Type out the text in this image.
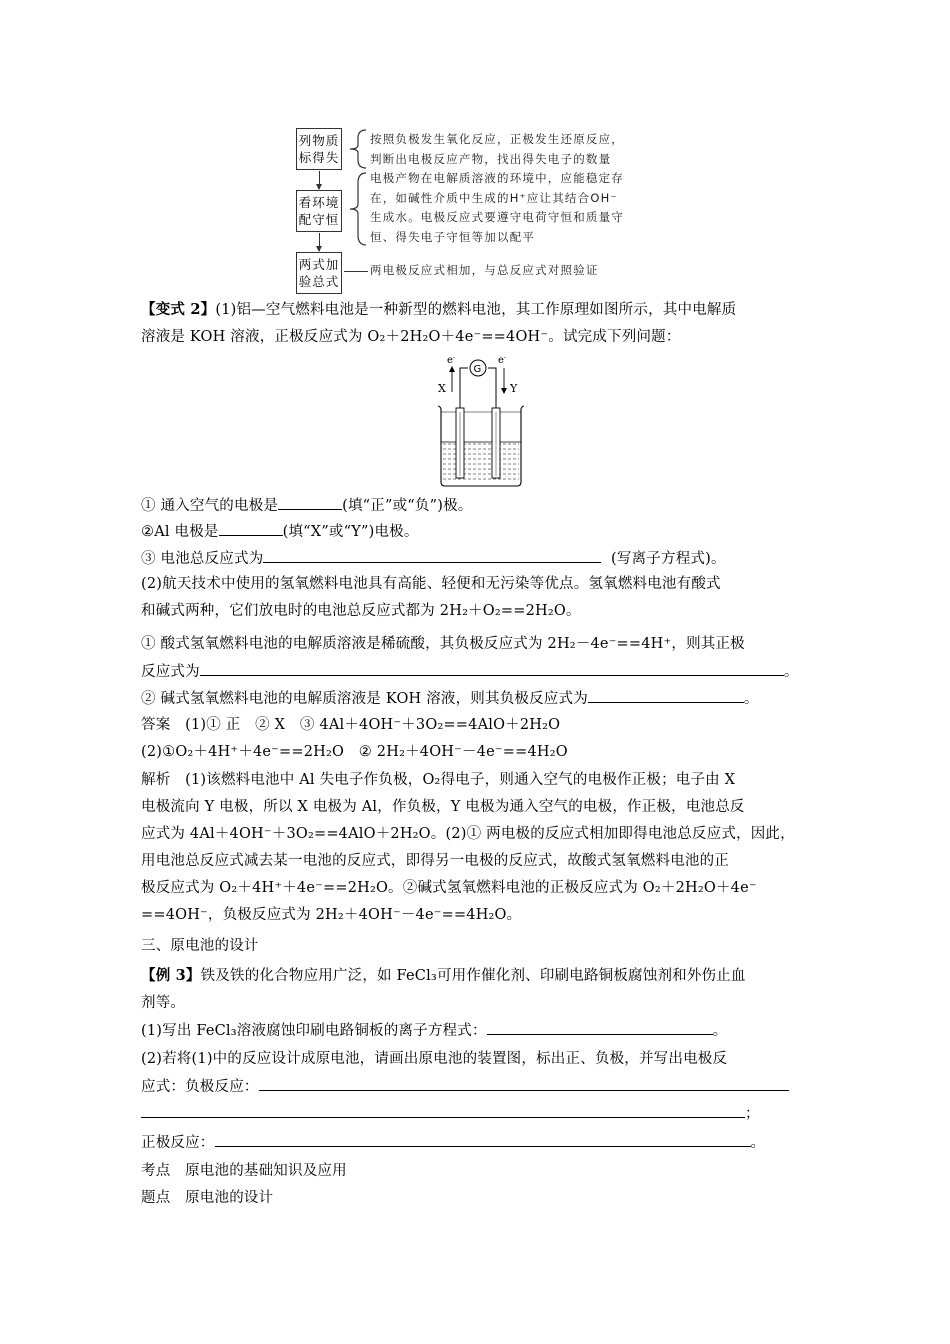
列物质
标得失
看环境
配守恒
两式加
验总式
按照负极发生氧化反应，正极发生还原反应，
判断出电极反应产物，找出得失电子的数量
电极产物在电解质溶液的环境中，应能稳定存
在，如碱性介质中生成的H⁺应让其结合OH⁻
生成水。电极反应式要遵守电荷守恒和质量守
恒、得失电子守恒等加以配平
两电极反应式相加，与总反应式对照验证
【变式 2】(1)铝—空气燃料电池是一种新型的燃料电池，其工作原理如图所示，其中电解质
溶液是 KOH 溶液，正极反应式为 O₂＋2H₂O＋4e⁻==4OH⁻。试完成下列问题：
e -	e -
G
X	Y
① 通入空气的电极是	(填“正”或“负”)极。
②Al 电极是	(填“X”或“Y”)电极。
③ 电池总反应式为	(写离子方程式)。
(2)航天技术中使用的氢氧燃料电池具有高能、轻便和无污染等优点。氢氧燃料电池有酸式
和碱式两种，它们放电时的电池总反应式都为 2H₂＋O₂==2H₂O。
① 酸式氢氧燃料电池的电解质溶液是稀硫酸，其负极反应式为 2H₂－4e⁻==4H⁺，则其正极
反应式为	。
② 碱式氢氧燃料电池的电解质溶液是 KOH 溶液，则其负极反应式为	。
答案　(1)① 正　② X　③ 4Al＋4OH⁻＋3O₂==4AlO＋2H₂O
(2)①O₂＋4H⁺＋4e⁻==2H₂O　② 2H₂＋4OH⁻－4e⁻==4H₂O
解析　(1)该燃料电池中 Al 失电子作负极，O₂得电子，则通入空气的电极作正极；电子由 X
电极流向 Y 电极，所以 X 电极为 Al，作负极，Y 电极为通入空气的电极，作正极，电池总反
应式为 4Al＋4OH⁻＋3O₂==4AlO＋2H₂O。(2)① 两电极的反应式相加即得电池总反应式，因此，
用电池总反应式减去某一电池的反应式，即得另一电极的反应式，故酸式氢氧燃料电池的正
极反应式为 O₂＋4H⁺＋4e⁻==2H₂O。②碱式氢氧燃料电池的正极反应式为 O₂＋2H₂O＋4e⁻
==4OH⁻，负极反应式为 2H₂＋4OH⁻－4e⁻==4H₂O。
三、原电池的设计
【例 3】铁及铁的化合物应用广泛，如 FeCl₃可用作催化剂、印刷电路铜板腐蚀剂和外伤止血
剂等。
(1)写出 FeCl₃溶液腐蚀印刷电路铜板的离子方程式：	。
(2)若将(1)中的反应设计成原电池，请画出原电池的装置图，标出正、负极，并写出电极反
应式：负极反应：
；
正极反应：	。
考点　原电池的基础知识及应用
题点　原电池的设计
